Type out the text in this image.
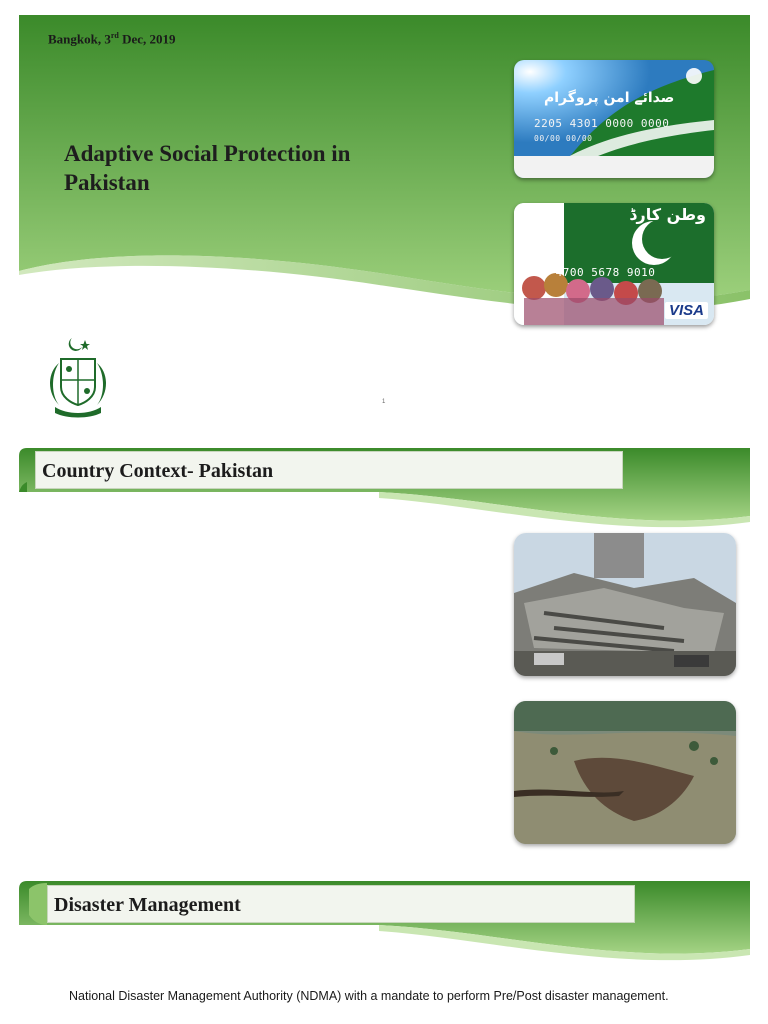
Bangkok, 3rd Dec, 2019
Adaptive Social Protection in Pakistan
صدائے امن پروگرام
2205 4301 0000 0000
00/00 00/00
وطن کارڈ
4585 4700 5678 9010
VISA
1
Country Context- Pakistan
Disaster Management
National Disaster Management Authority (NDMA) with a mandate to perform Pre/Post disaster management.
